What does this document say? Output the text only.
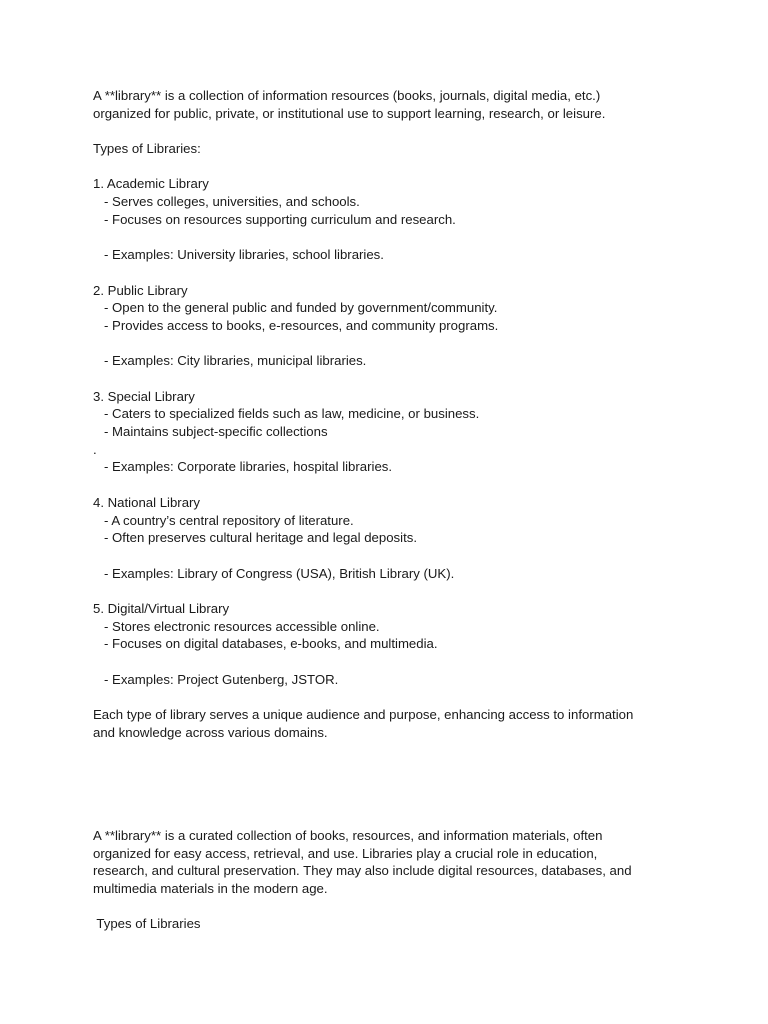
A **library** is a collection of information resources (books, journals, digital media, etc.)
organized for public, private, or institutional use to support learning, research, or leisure.
Types of Libraries:
1. Academic Library
- Serves colleges, universities, and schools.
- Focuses on resources supporting curriculum and research.
- Examples: University libraries, school libraries.
2. Public Library
- Open to the general public and funded by government/community.
- Provides access to books, e-resources, and community programs.
- Examples: City libraries, municipal libraries.
3. Special Library
- Caters to specialized fields such as law, medicine, or business.
- Maintains subject-specific collections
.
- Examples: Corporate libraries, hospital libraries.
4. National Library
- A country’s central repository of literature.
- Often preserves cultural heritage and legal deposits.
- Examples: Library of Congress (USA), British Library (UK).
5. Digital/Virtual Library
- Stores electronic resources accessible online.
- Focuses on digital databases, e-books, and multimedia.
- Examples: Project Gutenberg, JSTOR.
Each type of library serves a unique audience and purpose, enhancing access to information
and knowledge across various domains.
A **library** is a curated collection of books, resources, and information materials, often
organized for easy access, retrieval, and use. Libraries play a crucial role in education,
research, and cultural preservation. They may also include digital resources, databases, and
multimedia materials in the modern age.
Types of Libraries
